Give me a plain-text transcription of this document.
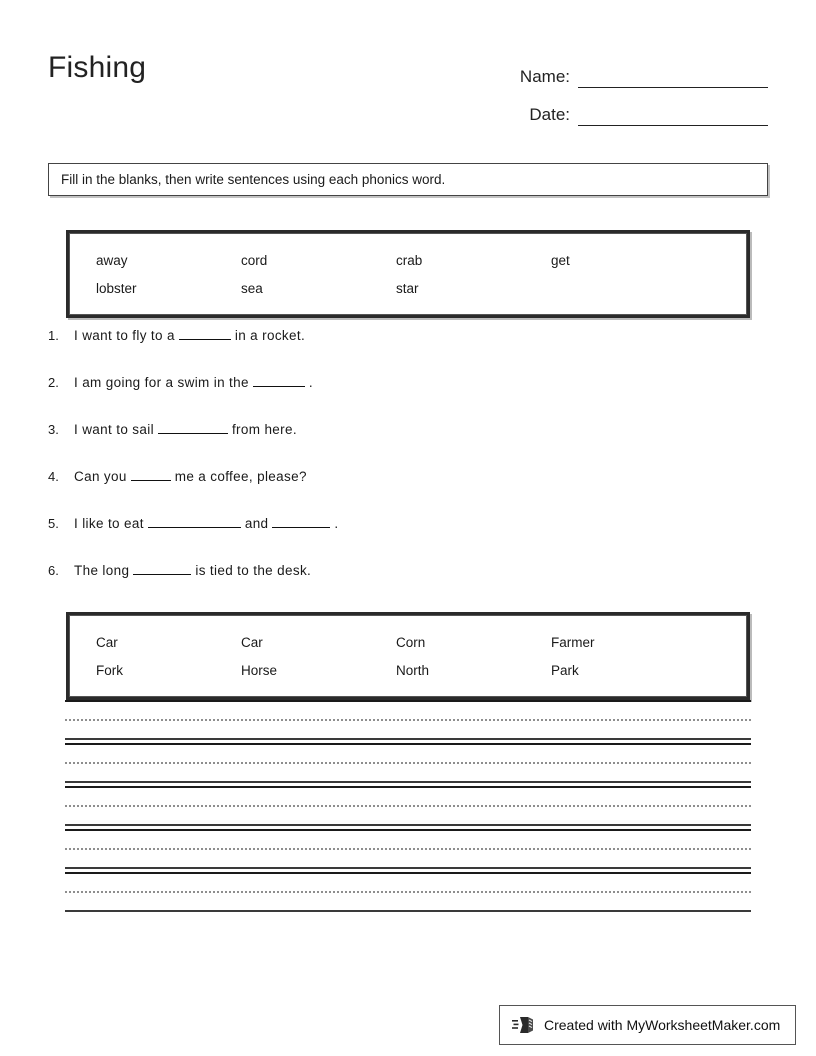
Fishing	Name:
Date:
Fill in the blanks, then write sentences using each phonics word.
away	cord	crab	get
lobster	sea	star
1.	I want to fly to a	in a rocket.
2.	I am going for a swim in the	.
3.	I want to sail	from here.
4.	Can you	me a coffee, please?
5.	I like to eat	and	.
6.	The long	is tied to the desk.
Car	Car	Corn	Farmer
Fork	Horse	North	Park
Created with MyWorksheetMaker.com
